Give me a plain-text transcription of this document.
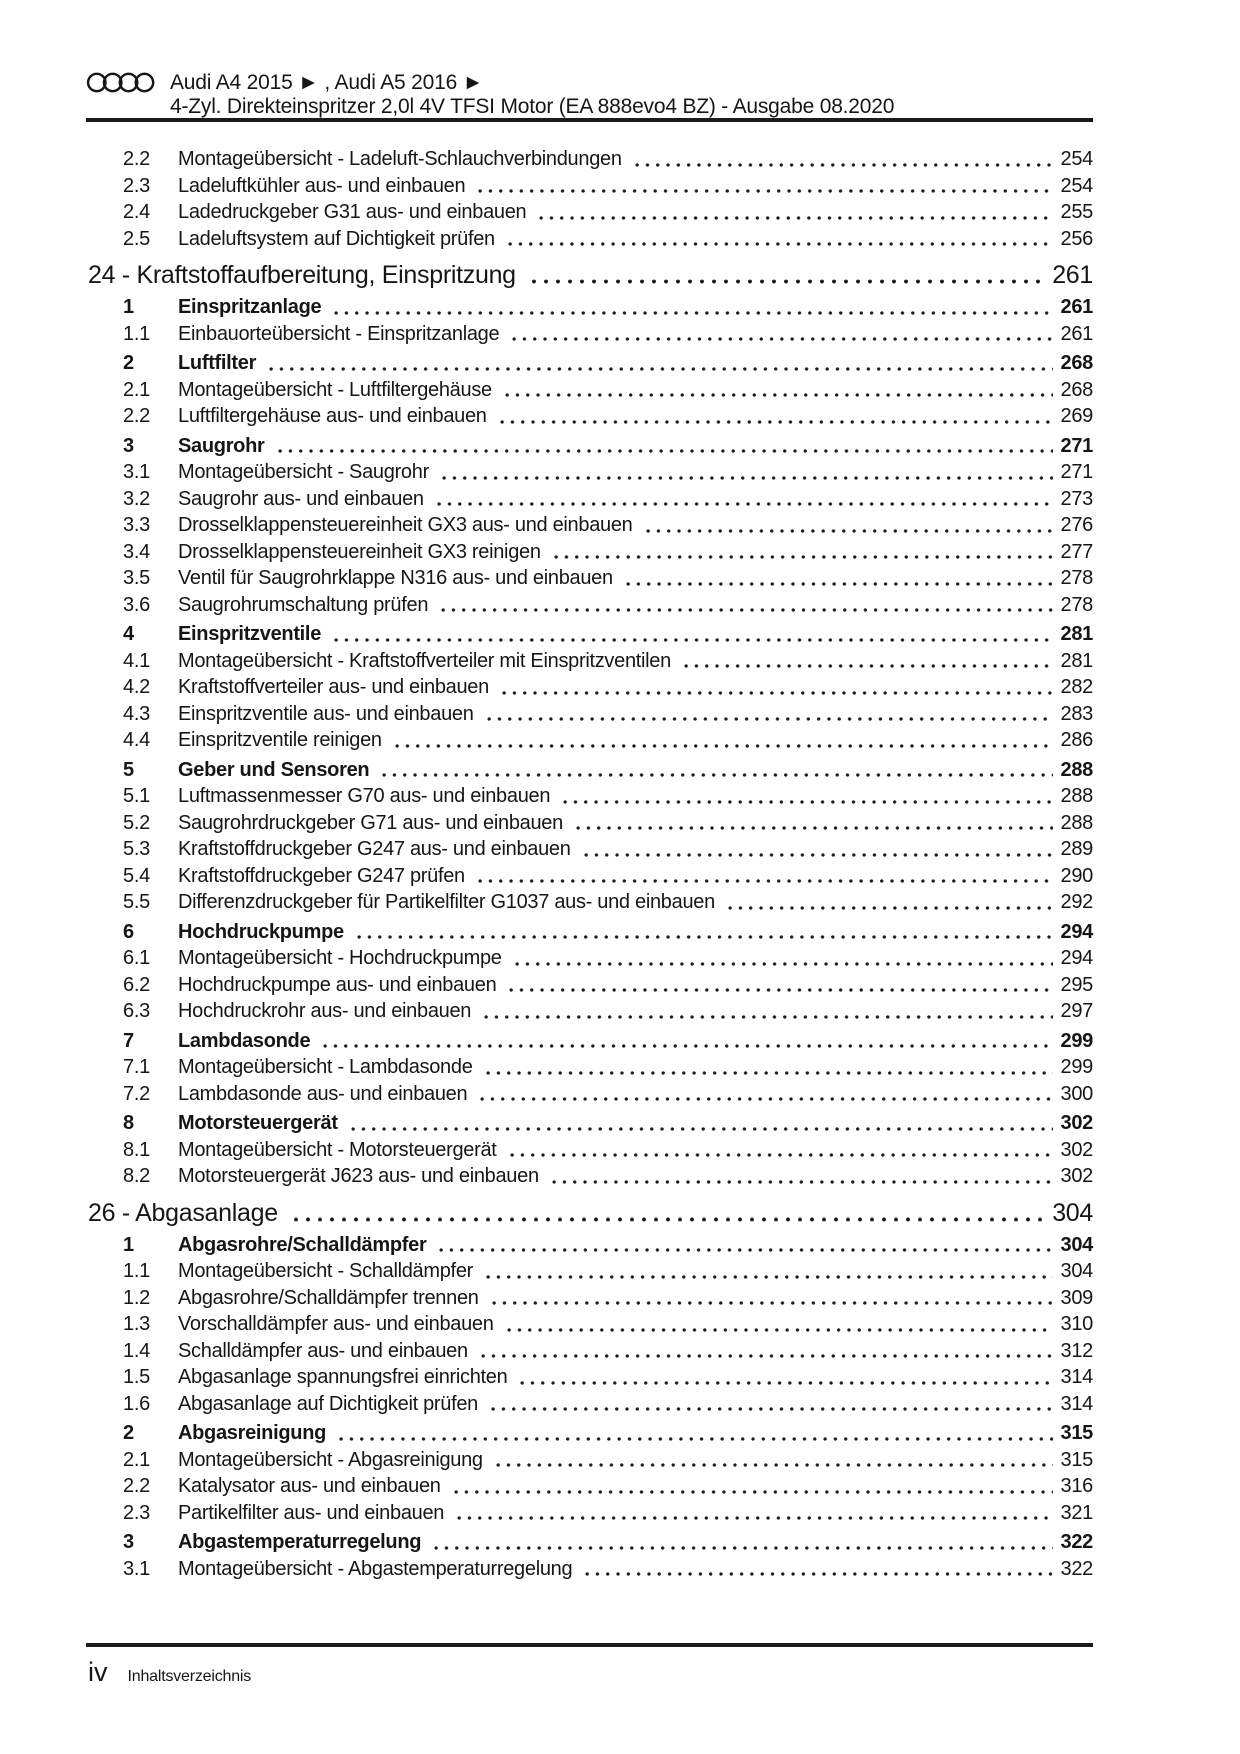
Audi A4 2015 ► , Audi A5 2016 ►
4-Zyl. Direkteinspritzer 2,0l 4V TFSI Motor (EA 888evo4 BZ) - Ausgabe 08.2020
2.2	Montageübersicht - Ladeluft-Schlauchverbindungen	254
2.3	Ladeluftkühler aus- und einbauen	254
2.4	Ladedruckgeber G31 aus- und einbauen	255
2.5	Ladeluftsystem auf Dichtigkeit prüfen	256
24 - Kraftstoffaufbereitung, Einspritzung	261
1	Einspritzanlage	261
1.1	Einbauorteübersicht - Einspritzanlage	261
2	Luftfilter	268
2.1	Montageübersicht - Luftfiltergehäuse	268
2.2	Luftfiltergehäuse aus- und einbauen	269
3	Saugrohr	271
3.1	Montageübersicht - Saugrohr	271
3.2	Saugrohr aus- und einbauen	273
3.3	Drosselklappensteuereinheit GX3 aus- und einbauen	276
3.4	Drosselklappensteuereinheit GX3 reinigen	277
3.5	Ventil für Saugrohrklappe N316 aus- und einbauen	278
3.6	Saugrohrumschaltung prüfen	278
4	Einspritzventile	281
4.1	Montageübersicht - Kraftstoffverteiler mit Einspritzventilen	281
4.2	Kraftstoffverteiler aus- und einbauen	282
4.3	Einspritzventile aus- und einbauen	283
4.4	Einspritzventile reinigen	286
5	Geber und Sensoren	288
5.1	Luftmassenmesser G70 aus- und einbauen	288
5.2	Saugrohrdruckgeber G71 aus- und einbauen	288
5.3	Kraftstoffdruckgeber G247 aus- und einbauen	289
5.4	Kraftstoffdruckgeber G247 prüfen	290
5.5	Differenzdruckgeber für Partikelfilter G1037 aus- und einbauen	292
6	Hochdruckpumpe	294
6.1	Montageübersicht - Hochdruckpumpe	294
6.2	Hochdruckpumpe aus- und einbauen	295
6.3	Hochdruckrohr aus- und einbauen	297
7	Lambdasonde	299
7.1	Montageübersicht - Lambdasonde	299
7.2	Lambdasonde aus- und einbauen	300
8	Motorsteuergerät	302
8.1	Montageübersicht - Motorsteuergerät	302
8.2	Motorsteuergerät J623 aus- und einbauen	302
26 - Abgasanlage	304
1	Abgasrohre/Schalldämpfer	304
1.1	Montageübersicht - Schalldämpfer	304
1.2	Abgasrohre/Schalldämpfer trennen	309
1.3	Vorschalldämpfer aus- und einbauen	310
1.4	Schalldämpfer aus- und einbauen	312
1.5	Abgasanlage spannungsfrei einrichten	314
1.6	Abgasanlage auf Dichtigkeit prüfen	314
2	Abgasreinigung	315
2.1	Montageübersicht - Abgasreinigung	315
2.2	Katalysator aus- und einbauen	316
2.3	Partikelfilter aus- und einbauen	321
3	Abgastemperaturregelung	322
3.1	Montageübersicht - Abgastemperaturregelung	322
iv Inhaltsverzeichnis
